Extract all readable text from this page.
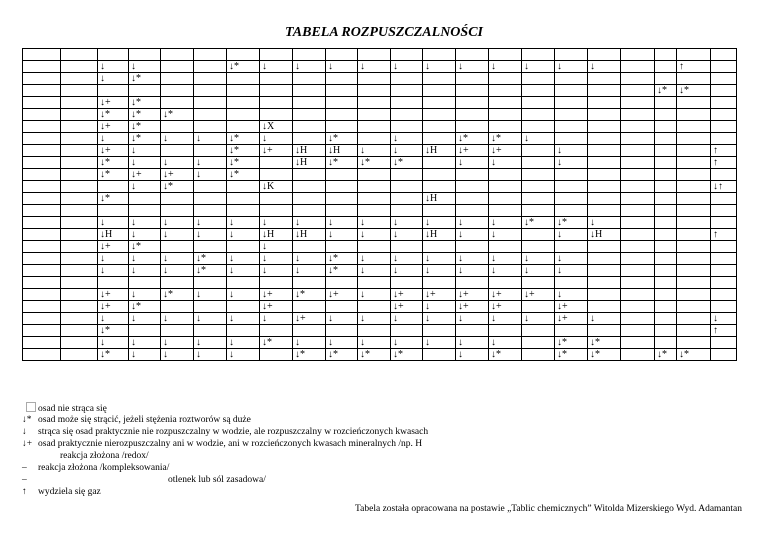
TABELA ROZPUSZCZALNOŚCI

		↓	↓			↓*	↓	↓	↓	↓	↓	↓	↓	↓	↓	↓	↓			↑	
		↓	↓*																		
																			↓*	↓*	
		↓+	↓*																		
		↓*	↓*	↓*																	
		↓+	↓*				↓X														
		↓	↓*	↓	↓	↓*	↓		↓*		↓		↓*	↓*	↓						
		↓+	↓			↓*	↓+	↓H	↓H	↓	↓	↓H	↓+	↓+		↓					↑
		↓*	↓	↓	↓	↓*		↓H	↓*	↓*	↓*		↓	↓		↓					↑
		↓*	↓+	↓+	↓	↓*															
			↓	↓*			↓K														↓↑
		↓*										↓H									

		↓	↓	↓	↓	↓	↓	↓	↓	↓	↓	↓	↓	↓	↓*	↓*	↓				
		↓H	↓	↓	↓	↓	↓H	↓H	↓	↓	↓	↓H	↓	↓		↓	↓H				↑
		↓+	↓*				↓														
		↓	↓	↓	↓*	↓	↓	↓	↓*	↓	↓	↓	↓	↓	↓	↓					
		↓	↓	↓	↓*	↓	↓	↓	↓*	↓	↓	↓	↓	↓	↓	↓					

		↓+	↓	↓*	↓	↓	↓+	↓*	↓+	↓	↓+	↓+	↓+	↓+	↓+	↓					
		↓+	↓*				↓+				↓+	↓	↓+	↓+		↓+					
		↓	↓	↓	↓	↓	↓	↓+	↓	↓	↓	↓	↓	↓	↓	↓+	↓				↓
		↓*																			↑
		↓	↓	↓	↓	↓	↓*	↓	↓	↓	↓	↓	↓	↓		↓*	↓*				
		↓*	↓	↓	↓	↓		↓*	↓*	↓*	↓*		↓	↓*		↓*	↓*		↓*	↓*	
osad nie strąca się
↓* osad może się strącić, jeżeli stężenia roztworów są duże
↓ strąca się osad praktycznie nie rozpuszczalny w wodzie, ale rozpuszczalny w rozcieńczonych kwasach
↓+ osad praktycznie nierozpuszczalny ani w wodzie, ani w rozcieńczonych kwasach mineralnych /np. H
reakcja złożona /redox/
– reakcja złożona /kompleksowania/
–	otlenek lub sól zasadowa/
↑ wydziela się gaz
Tabela została opracowana na postawie „Tablic chemicznych” Witolda Mizerskiego Wyd. Adamantan
